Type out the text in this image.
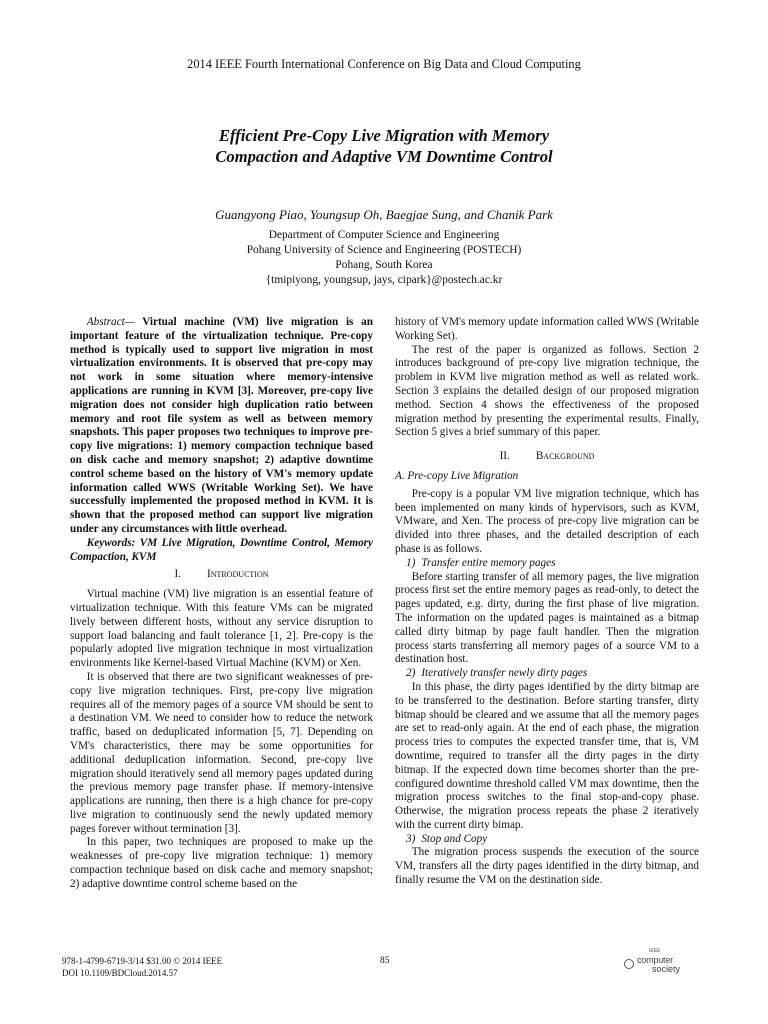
2014 IEEE Fourth International Conference on Big Data and Cloud Computing
Efficient Pre-Copy Live Migration with Memory
Compaction and Adaptive VM Downtime Control
Guangyong Piao, Youngsup Oh, Baegjae Sung, and Chanik Park
Department of Computer Science and Engineering
Pohang University of Science and Engineering (POSTECH)
Pohang, South Korea
{tmipiyong, youngsup, jays, cipark}@postech.ac.kr

Abstract— Virtual machine (VM) live migration is an important feature of the virtualization technique. Pre-copy method is typically used to support live migration in most virtualization environments. It is observed that pre-copy may not work in some situation where memory-intensive applications are running in KVM [3]. Moreover, pre-copy live migration does not consider high duplication ratio between memory and root file system as well as between memory snapshots. This paper proposes two techniques to improve pre-copy live migrations: 1) memory compaction technique based on disk cache and memory snapshot; 2) adaptive downtime control scheme based on the history of VM's memory update information called WWS (Writable Working Set). We have successfully implemented the proposed method in KVM. It is shown that the proposed method can support live migration under any circumstances with little overhead.

Keywords: VM Live Migration, Downtime Control, Memory Compaction, KVM

I. Introduction

Virtual machine (VM) live migration is an essential feature of virtualization technique. With this feature VMs can be migrated lively between different hosts, without any service disruption to support load balancing and fault tolerance [1, 2]. Pre-copy is the popularly adopted live migration technique in most virtualization environments like Kernel-based Virtual Machine (KVM) or Xen.

It is observed that there are two significant weaknesses of pre-copy live migration techniques. First, pre-copy live migration requires all of the memory pages of a source VM should be sent to a destination VM. We need to consider how to reduce the network traffic, based on deduplicated information [5, 7]. Depending on VM's characteristics, there may be some opportunities for additional deduplication information. Second, pre-copy live migration should iteratively send all memory pages updated during the previous memory page transfer phase. If memory-intensive applications are running, then there is a high chance for pre-copy live migration to continuously send the newly updated memory pages forever without termination [3].

In this paper, two techniques are proposed to make up the weaknesses of pre-copy live migration technique: 1) memory compaction technique based on disk cache and memory snapshot; 2) adaptive downtime control scheme based on the

history of VM's memory update information called WWS (Writable Working Set).

The rest of the paper is organized as follows. Section 2 introduces background of pre-copy live migration technique, the problem in KVM live migration method as well as related work. Section 3 explains the detailed design of our proposed migration method. Section 4 shows the effectiveness of the proposed migration method by presenting the experimental results. Finally, Section 5 gives a brief summary of this paper.

II. Background
A. Pre-copy Live Migration

Pre-copy is a popular VM live migration technique, which has been implemented on many kinds of hypervisors, such as KVM, VMware, and Xen. The process of pre-copy live migration can be divided into three phases, and the detailed description of each phase is as follows.

1) Transfer entire memory pages

Before starting transfer of all memory pages, the live migration process first set the entire memory pages as read-only, to detect the pages updated, e.g. dirty, during the first phase of live migration. The information on the updated pages is maintained as a bitmap called dirty bitmap by page fault handler. Then the migration process starts transferring all memory pages of a source VM to a destination host.

2) Iteratively transfer newly dirty pages

In this phase, the dirty pages identified by the dirty bitmap are to be transferred to the destination. Before starting transfer, dirty bitmap should be cleared and we assume that all the memory pages are set to read-only again. At the end of each phase, the migration process tries to computes the expected transfer time, that is, VM downtime, required to transfer all the dirty pages in the dirty bitmap. If the expected down time becomes shorter than the pre-configured downtime threshold called VM max downtime, then the migration process switches to the final stop-and-copy phase. Otherwise, the migration process repeats the phase 2 iteratively with the current dirty bimap.

3) Stop and Copy

The migration process suspends the execution of the source VM, transfers all the dirty pages identified in the dirty bitmap, and finally resume the VM on the destination side.

978-1-4799-6719-3/14 $31.00 © 2014 IEEE
DOI 10.1109/BDCloud.2014.57
85
IEEE
computer
society
